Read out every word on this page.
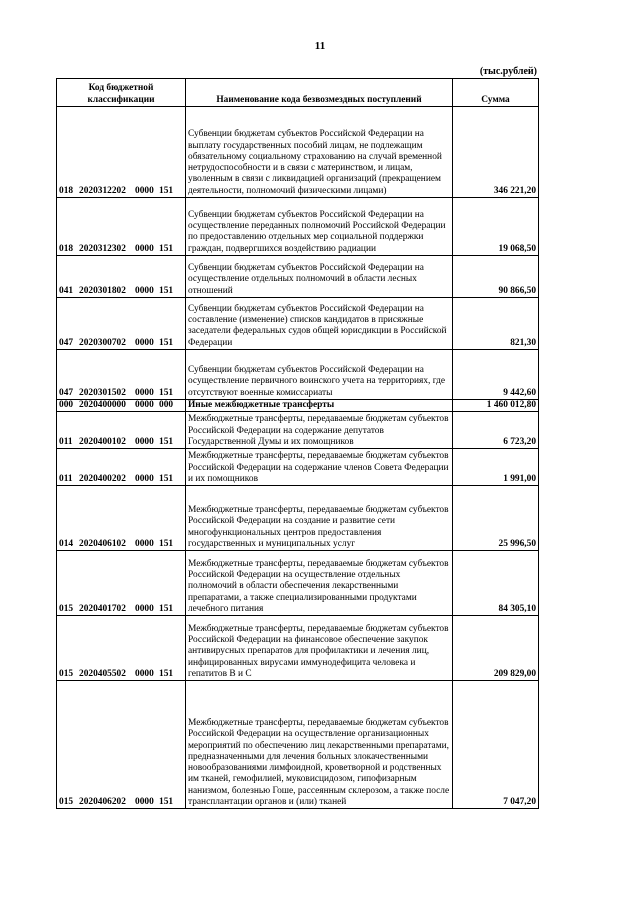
11
(тыс.рублей)
Код бюджетной классификации	Наименование кода безвозмездных поступлений	Сумма
018 2020312202 0000 151	Субвенции бюджетам субъектов Российской Федерации на выплату государственных пособий лицам, не подлежащим обязательному социальному страхованию на случай временной нетрудоспособности и в связи с материнством, и лицам, уволенным в связи с ликвидацией организаций (прекращением деятельности, полномочий физическими лицами)	346 221,20
018 2020312302 0000 151	Субвенции бюджетам субъектов Российской Федерации на осуществление переданных полномочий Российской Федерации по предоставлению отдельных мер социальной поддержки граждан, подвергшихся воздействию радиации	19 068,50
041 2020301802 0000 151	Субвенции бюджетам субъектов Российской Федерации на осуществление отдельных полномочий в области лесных отношений	90 866,50
047 2020300702 0000 151	Субвенции бюджетам субъектов Российской Федерации на составление (изменение) списков кандидатов в присяжные заседатели федеральных судов общей юрисдикции в Российской Федерации	821,30
047 2020301502 0000 151	Субвенции бюджетам субъектов Российской Федерации на осуществление первичного воинского учета на территориях, где отсутствуют военные комиссариаты	9 442,60
000 2020400000 0000 000	Иные межбюджетные трансферты	1 460 012,80
011 2020400102 0000 151	Межбюджетные трансферты, передаваемые бюджетам субъектов Российской Федерации на содержание депутатов Государственной Думы и их помощников	6 723,20
011 2020400202 0000 151	Межбюджетные трансферты, передаваемые бюджетам субъектов Российской Федерации на содержание членов Совета Федерации и их помощников	1 991,00
014 2020406102 0000 151	Межбюджетные трансферты, передаваемые бюджетам субъектов Российской Федерации на создание и развитие сети многофункциональных центров предоставления государственных и муниципальных услуг	25 996,50
015 2020401702 0000 151	Межбюджетные трансферты, передаваемые бюджетам субъектов Российской Федерации на осуществление отдельных полномочий в области обеспечения лекарственными препаратами, а также специализированными продуктами лечебного питания	84 305,10
015 2020405502 0000 151	Межбюджетные трансферты, передаваемые бюджетам субъектов Российской Федерации на финансовое обеспечение закупок антивирусных препаратов для профилактики и лечения лиц, инфицированных вирусами иммунодефицита человека и гепатитов B и C	209 829,00
015 2020406202 0000 151	Межбюджетные трансферты, передаваемые бюджетам субъектов Российской Федерации на осуществление организационных мероприятий по обеспечению лиц лекарственными препаратами, предназначенными для лечения больных злокачественными новообразованиями лимфоидной, кроветворной и родственных им тканей, гемофилией, муковисцидозом, гипофизарным нанизмом, болезнью Гоше, рассеянным склерозом, а также после трансплантации органов и (или) тканей	7 047,20
